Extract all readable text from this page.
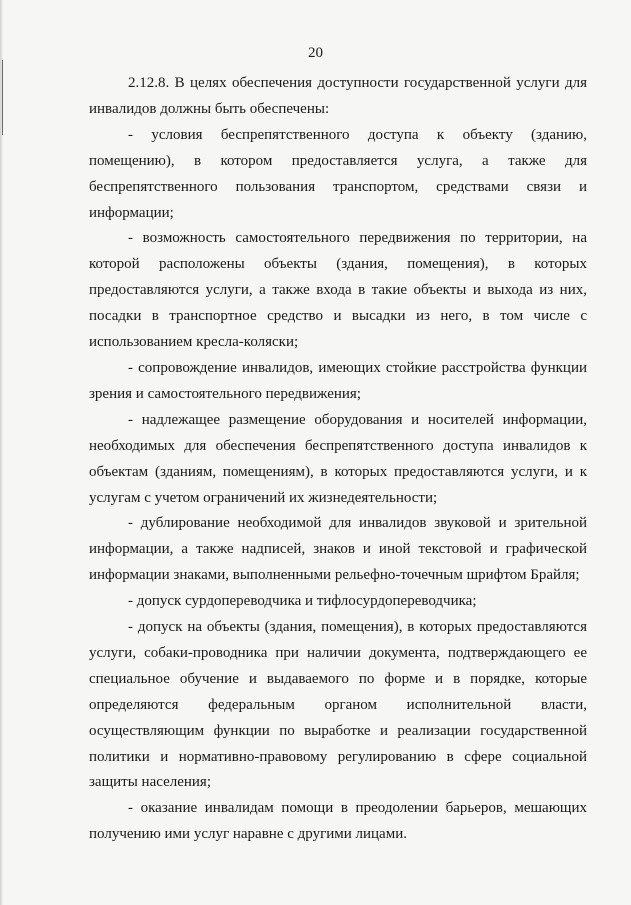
20

2.12.8. В целях обеспечения доступности государственной услуги для инвалидов должны быть обеспечены:

- условия беспрепятственного доступа к объекту (зданию, помещению), в котором предоставляется услуга, а также для беспрепятственного пользования транспортом, средствами связи и информации;

- возможность самостоятельного передвижения по территории, на которой расположены объекты (здания, помещения), в которых предоставляются услуги, а также входа в такие объекты и выхода из них, посадки в транспортное средство и высадки из него, в том числе с использованием кресла-коляски;

- сопровождение инвалидов, имеющих стойкие расстройства функции зрения и самостоятельного передвижения;

- надлежащее размещение оборудования и носителей информации, необходимых для обеспечения беспрепятственного доступа инвалидов к объектам (зданиям, помещениям), в которых предоставляются услуги, и к услугам с учетом ограничений их жизнедеятельности;

- дублирование необходимой для инвалидов звуковой и зрительной информации, а также надписей, знаков и иной текстовой и графической информации знаками, выполненными рельефно-точечным шрифтом Брайля;

- допуск сурдопереводчика и тифлосурдопереводчика;

- допуск на объекты (здания, помещения), в которых предоставляются услуги, собаки-проводника при наличии документа, подтверждающего ее специальное обучение и выдаваемого по форме и в порядке, которые определяются федеральным органом исполнительной власти, осуществляющим функции по выработке и реализации государственной политики и нормативно-правовому регулированию в сфере социальной защиты населения;

- оказание инвалидам помощи в преодолении барьеров, мешающих получению ими услуг наравне с другими лицами.
